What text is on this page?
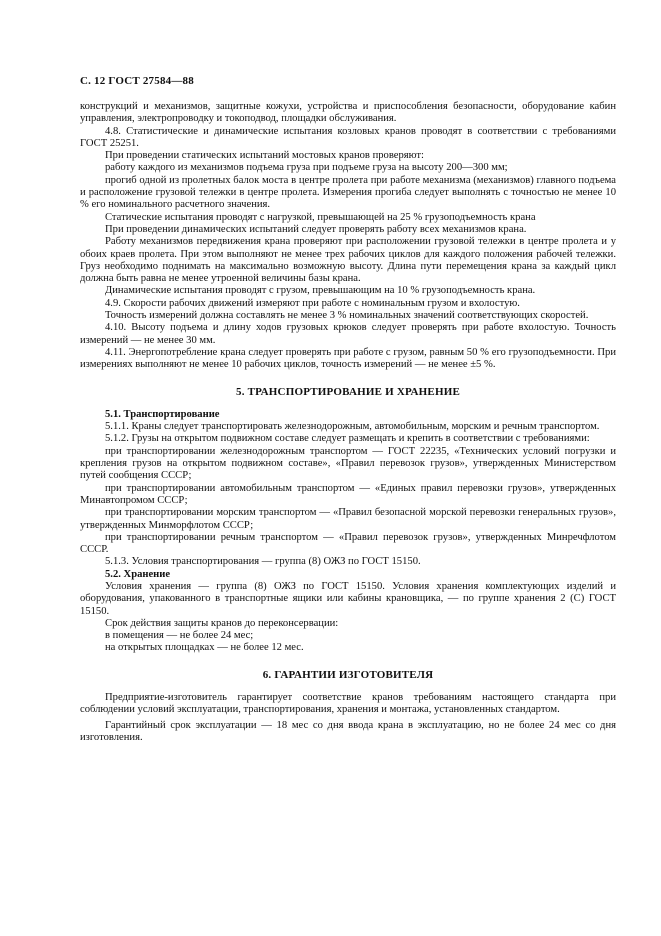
С. 12 ГОСТ 27584—88

конструкций и механизмов, защитные кожухи, устройства и приспособления безопасности, оборудование кабин управления, электропроводку и токоподвод, площадки обслуживания.

4.8. Статистические и динамические испытания козловых кранов проводят в соответствии с требованиями ГОСТ 25251.

При проведении статических испытаний мостовых кранов проверяют:

работу каждого из механизмов подъема груза при подъеме груза на высоту 200—300 мм;

прогиб одной из пролетных балок моста в центре пролета при работе механизма (механизмов) главного подъема и расположение грузовой тележки в центре пролета. Измерения прогиба следует выполнять с точностью не менее 10 % его номинального расчетного значения.

Статические испытания проводят с нагрузкой, превышающей на 25 % грузоподъемность крана

При проведении динамических испытаний следует проверять работу всех механизмов крана.

Работу механизмов передвижения крана проверяют при расположении грузовой тележки в центре пролета и у обоих краев пролета. При этом выполняют не менее трех рабочих циклов для каждого положения рабочей тележки. Груз необходимо поднимать на максимально возможную высоту. Длина пути перемещения крана за каждый цикл должна быть равна не менее утроенной величины базы крана.

Динамические испытания проводят с грузом, превышающим на 10 % грузоподъемность крана.

4.9. Скорости рабочих движений измеряют при работе с номинальным грузом и вхолостую.

Точность измерений должна составлять не менее 3 % номинальных значений соответствующих скоростей.

4.10. Высоту подъема и длину ходов грузовых крюков следует проверять при работе вхолостую. Точность измерений — не менее 30 мм.

4.11. Энергопотребление крана следует проверять при работе с грузом, равным 50 % его грузоподъемности. При измерениях выполняют не менее 10 рабочих циклов, точность измерений — не менее ±5 %.

5. ТРАНСПОРТИРОВАНИЕ И ХРАНЕНИЕ

5.1. Транспортирование

5.1.1. Краны следует транспортировать железнодорожным, автомобильным, морским и речным транспортом.

5.1.2. Грузы на открытом подвижном составе следует размещать и крепить в соответствии с требованиями:

при транспортировании железнодорожным транспортом — ГОСТ 22235, «Технических условий погрузки и крепления грузов на открытом подвижном составе», «Правил перевозок грузов», утвержденных Министерством путей сообщения СССР;

при транспортировании автомобильным транспортом — «Единых правил перевозки грузов», утвержденных Минавтопромом СССР;

при транспортировании морским транспортом — «Правил безопасной морской перевозки генеральных грузов», утвержденных Минморфлотом СССР;

при транспортировании речным транспортом — «Правил перевозок грузов», утвержденных Минречфлотом СССР.

5.1.3. Условия транспортирования — группа (8) ОЖЗ по ГОСТ 15150.

5.2. Хранение

Условия хранения — группа (8) ОЖЗ по ГОСТ 15150. Условия хранения комплектующих изделий и оборудования, упакованного в транспортные ящики или кабины крановщика, — по группе хранения 2 (С) ГОСТ 15150.

Срок действия защиты кранов до переконсервации:

в помещения — не более 24 мес;

на открытых площадках — не более 12 мес.

6. ГАРАНТИИ ИЗГОТОВИТЕЛЯ

Предприятие-изготовитель гарантирует соответствие кранов требованиям настоящего стандарта при соблюдении условий эксплуатации, транспортирования, хранения и монтажа, установленных стандартом.

Гарантийный срок эксплуатации — 18 мес со дня ввода крана в эксплуатацию, но не более 24 мес со дня изготовления.
